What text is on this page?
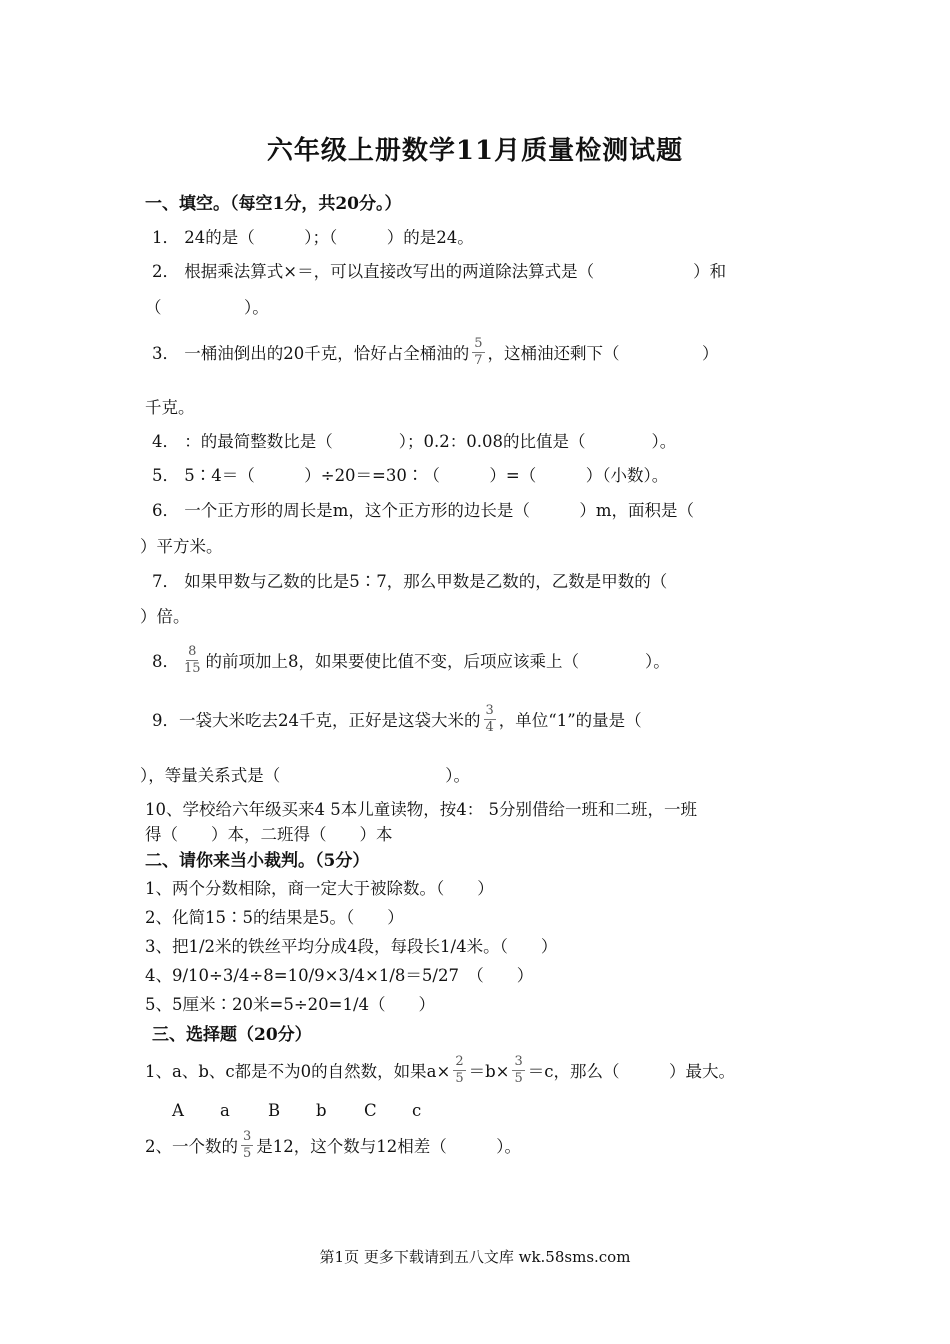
六年级上册数学11月质量检测试题
一、填空。（每空1分，共20分。）
1． 24的是（　　　）；（　　　）的是24。
2． 根据乘法算式×＝，可以直接改写出的两道除法算式是（　　　　　　）和
（　　　　　）。
3． 一桶油倒出的20千克，恰好占全桶油的 $\frac{5}{7}$ ，这桶油还剩下（　　　　　）
千克。
4． ：的最简整数比是（　　　　）；0.2：0.08的比值是（　　　　）。
5． 5∶4＝（　　　）÷20＝=30∶（　　　）=（　　　）（小数）。
6． 一个正方形的周长是m，这个正方形的边长是（　　　）m，面积是（
）平方米。
7． 如果甲数与乙数的比是5∶7，那么甲数是乙数的，乙数是甲数的（
）倍。
8． $\frac{8}{15}$ 的前项加上8，如果要使比值不变，后项应该乘上（　　　　）。
9．一袋大米吃去24千克，正好是这袋大米的 $\frac{3}{4}$ ，单位“1”的量是（
），等量关系式是（　　　　　　　　　　）。
10、学校给六年级买来4 5本儿童读物，按4： 5分别借给一班和二班，一班
得（　　）本，二班得（　　）本
二、请你来当小裁判。（5分）
1、两个分数相除，商一定大于被除数。（　　）
2、化简15∶5的结果是5。（　　）
3、把1/2米的铁丝平均分成4段，每段长1/4米。（　　）
4、9/10÷3/4÷8=10/9×3/4×1/8＝5/27　（　　）
5、5厘米∶20米=5÷20=1/4（　　）
三、选择题（20分）
1、a、b、c都是不为0的自然数，如果$a\times \frac{2}{5} =b\times \frac{3}{5} =c$，那么（　　　）最大。
A a B b C c
2、一个数的 $\frac{3}{5}$ 是12，这个数与12相差（　　　）。
第1页 更多下载请到五八文库 wk.58sms.com
